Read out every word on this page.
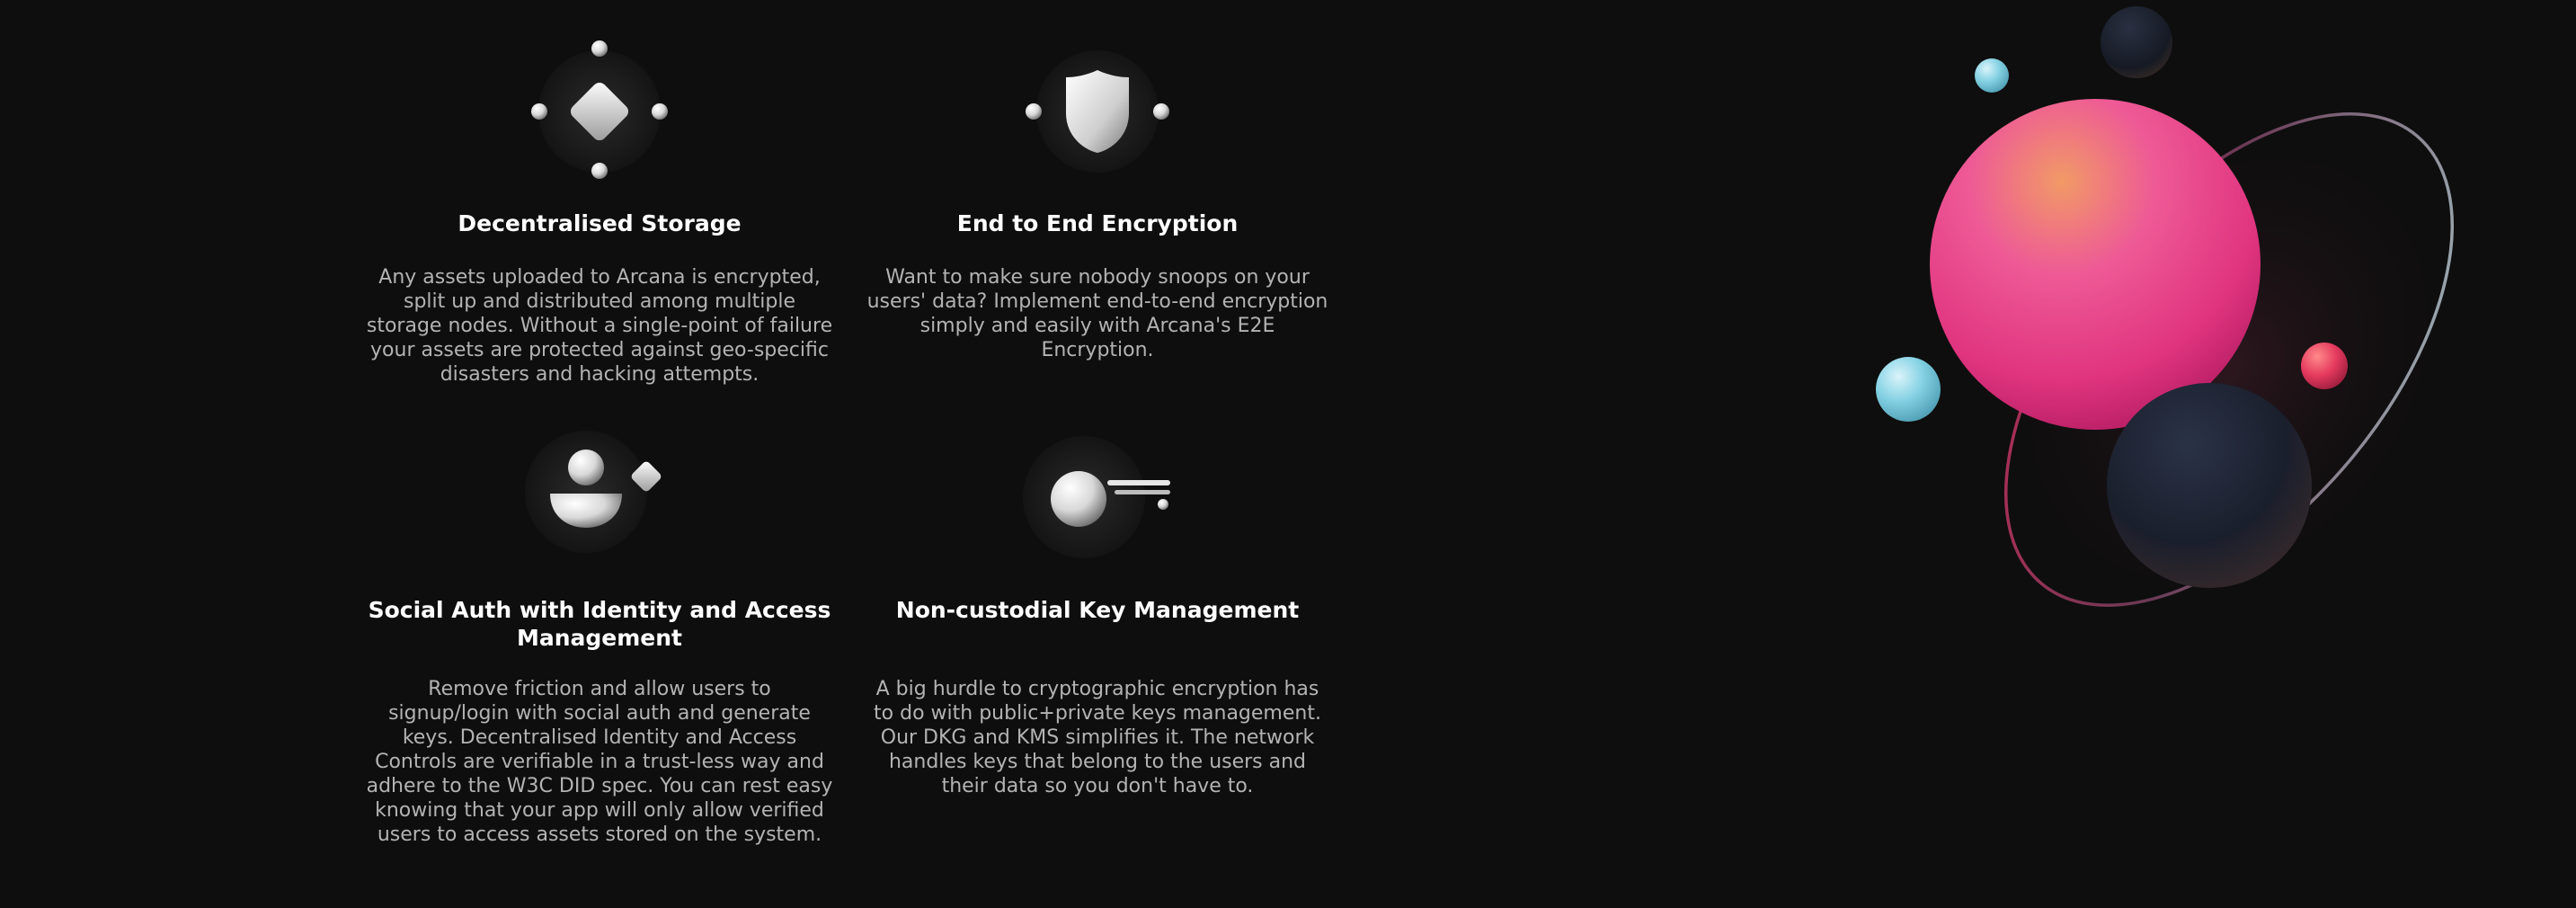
Decentralised Storage

Any assets uploaded to Arcana is encrypted, split up and distributed among multiple storage nodes. Without a single-point of failure your assets are protected against geo-specific disasters and hacking attempts.

End to End Encryption

Want to make sure nobody snoops on your users' data? Implement end-to-end encryption simply and easily with Arcana's E2E Encryption.

Social Auth with Identity and Access Management

Remove friction and allow users to signup/login with social auth and generate keys. Decentralised Identity and Access Controls are verifiable in a trust-less way and adhere to the W3C DID spec. You can rest easy knowing that your app will only allow verified users to access assets stored on the system.

Non-custodial Key Management

A big hurdle to cryptographic encryption has to do with public+private keys management. Our DKG and KMS simplifies it. The network handles keys that belong to the users and their data so you don't have to.
